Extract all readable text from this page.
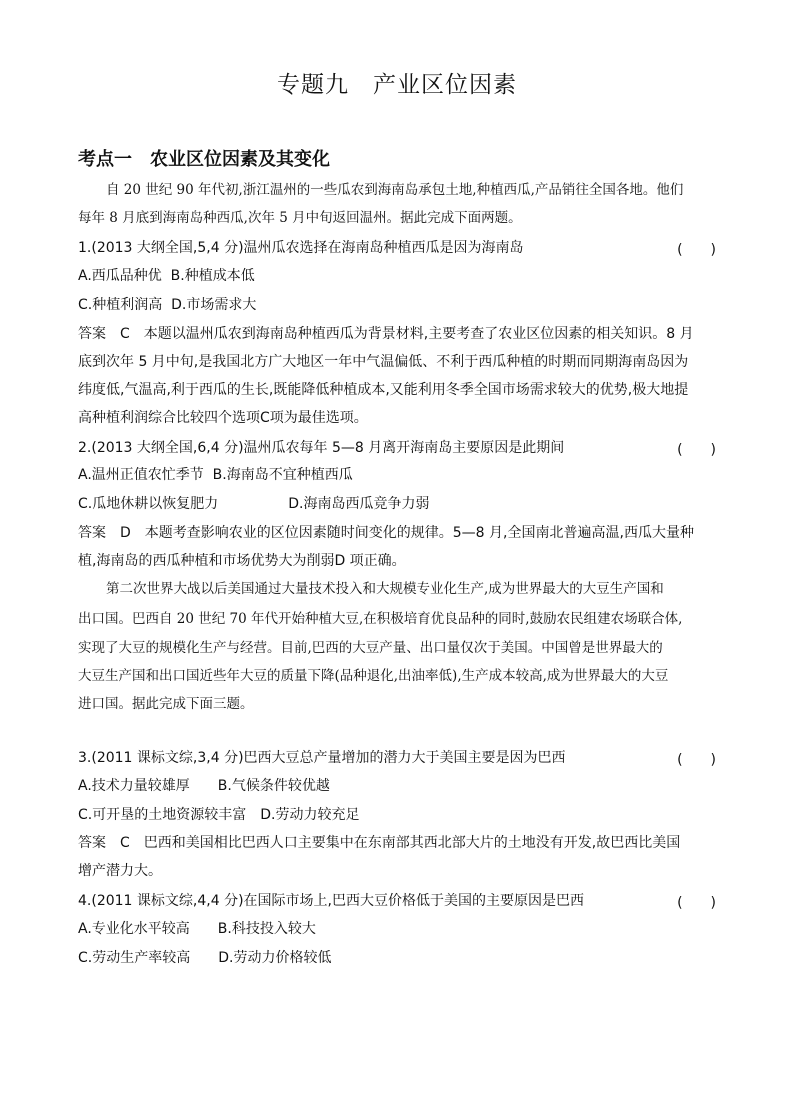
专题九　产业区位因素
考点一　农业区位因素及其变化
自 20 世纪 90 年代初,浙江温州的一些瓜农到海南岛承包土地,种植西瓜,产品销往全国各地。他们
每年 8 月底到海南岛种西瓜,次年 5 月中旬返回温州。据此完成下面两题。
1.(2013 大纲全国,5,4 分)温州瓜农选择在海南岛种植西瓜是因为海南岛	(　　)
A.西瓜品种优  B.种植成本低
C.种植利润高  D.市场需求大
答案　C　本题以温州瓜农到海南岛种植西瓜为背景材料,主要考查了农业区位因素的相关知识。8 月
底到次年 5 月中旬,是我国北方广大地区一年中气温偏低、不利于西瓜种植的时期而同期海南岛因为
纬度低,气温高,利于西瓜的生长,既能降低种植成本,又能利用冬季全国市场需求较大的优势,极大地提
高种植利润综合比较四个选项C项为最佳选项。
2.(2013 大纲全国,6,4 分)温州瓜农每年 5—8 月离开海南岛主要原因是此期间	(　　)
A.温州正值农忙季节  B.海南岛不宜种植西瓜
C.瓜地休耕以恢复肥力　　　　　D.海南岛西瓜竞争力弱
答案　D　本题考查影响农业的区位因素随时间变化的规律。5—8 月,全国南北普遍高温,西瓜大量种
植,海南岛的西瓜种植和市场优势大为削弱D 项正确。
第二次世界大战以后美国通过大量技术投入和大规模专业化生产,成为世界最大的大豆生产国和
出口国。巴西自 20 世纪 70 年代开始种植大豆,在积极培育优良品种的同时,鼓励农民组建农场联合体,
实现了大豆的规模化生产与经营。目前,巴西的大豆产量、出口量仅次于美国。中国曾是世界最大的
大豆生产国和出口国近些年大豆的质量下降(品种退化,出油率低),生产成本较高,成为世界最大的大豆
进口国。据此完成下面三题。
3.(2011 课标文综,3,4 分)巴西大豆总产量增加的潜力大于美国主要是因为巴西	(　　)
A.技术力量较雄厚　　B.气候条件较优越
C.可开垦的土地资源较丰富　D.劳动力较充足
答案　C　巴西和美国相比巴西人口主要集中在东南部其西北部大片的土地没有开发,故巴西比美国
增产潜力大。
4.(2011 课标文综,4,4 分)在国际市场上,巴西大豆价格低于美国的主要原因是巴西	(　　)
A.专业化水平较高　　B.科技投入较大
C.劳动生产率较高　　D.劳动力价格较低
